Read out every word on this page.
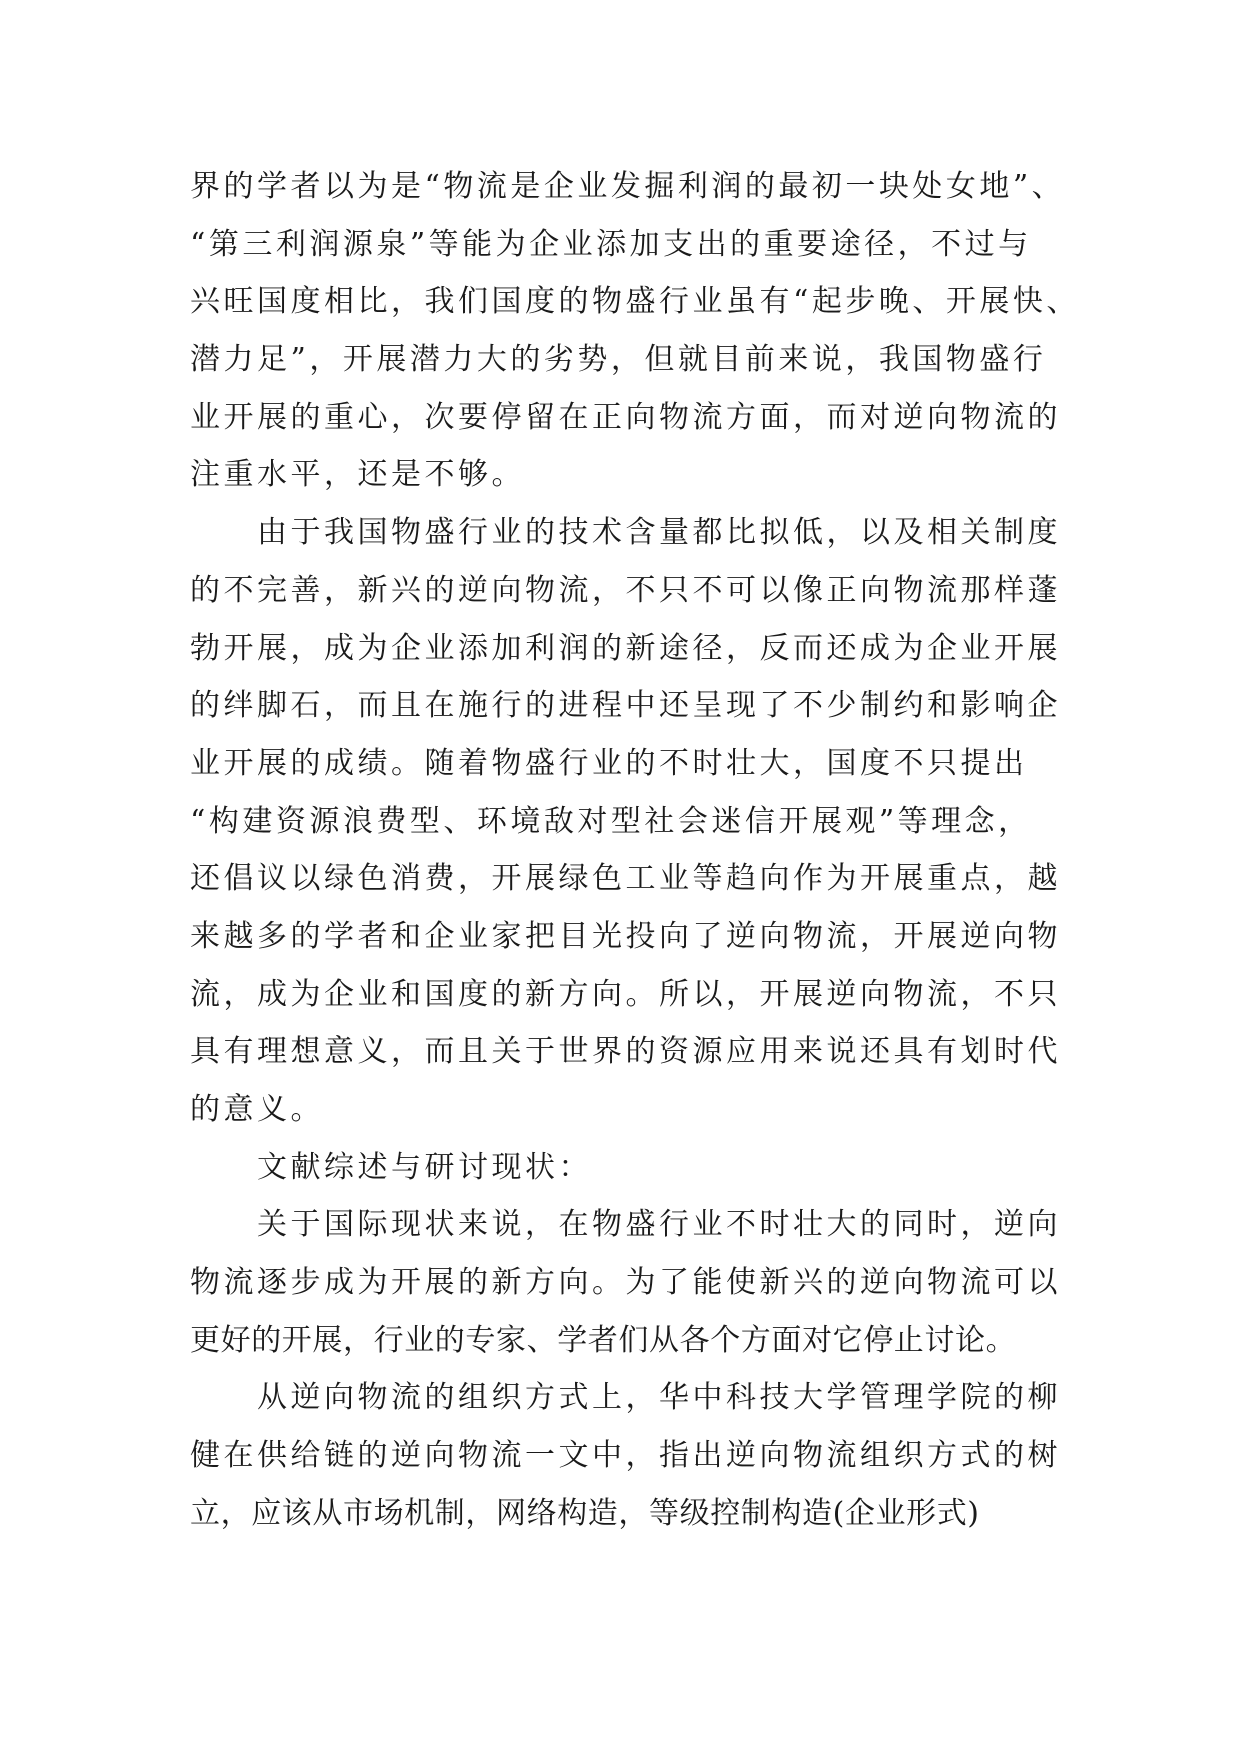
界的学者以为是“物流是企业发掘利润的最初一块处女地”、
“第三利润源泉”等能为企业添加支出的重要途径，不过与
兴旺国度相比，我们国度的物盛行业虽有“起步晚、开展快、
潜力足”，开展潜力大的劣势，但就目前来说，我国物盛行
业开展的重心，次要停留在正向物流方面，而对逆向物流的
注重水平，还是不够。
　　由于我国物盛行业的技术含量都比拟低，以及相关制度
的不完善，新兴的逆向物流，不只不可以像正向物流那样蓬
勃开展，成为企业添加利润的新途径，反而还成为企业开展
的绊脚石，而且在施行的进程中还呈现了不少制约和影响企
业开展的成绩。随着物盛行业的不时壮大，国度不只提出
“构建资源浪费型、环境敌对型社会迷信开展观”等理念，
还倡议以绿色消费，开展绿色工业等趋向作为开展重点，越
来越多的学者和企业家把目光投向了逆向物流，开展逆向物
流，成为企业和国度的新方向。所以，开展逆向物流，不只
具有理想意义，而且关于世界的资源应用来说还具有划时代
的意义。
　　文献综述与研讨现状：
　　关于国际现状来说，在物盛行业不时壮大的同时，逆向
物流逐步成为开展的新方向。为了能使新兴的逆向物流可以
更好的开展，行业的专家、学者们从各个方面对它停止讨论。
　　从逆向物流的组织方式上，华中科技大学管理学院的柳
健在供给链的逆向物流一文中，指出逆向物流组织方式的树
立，应该从市场机制，网络构造，等级控制构造(企业形式)
